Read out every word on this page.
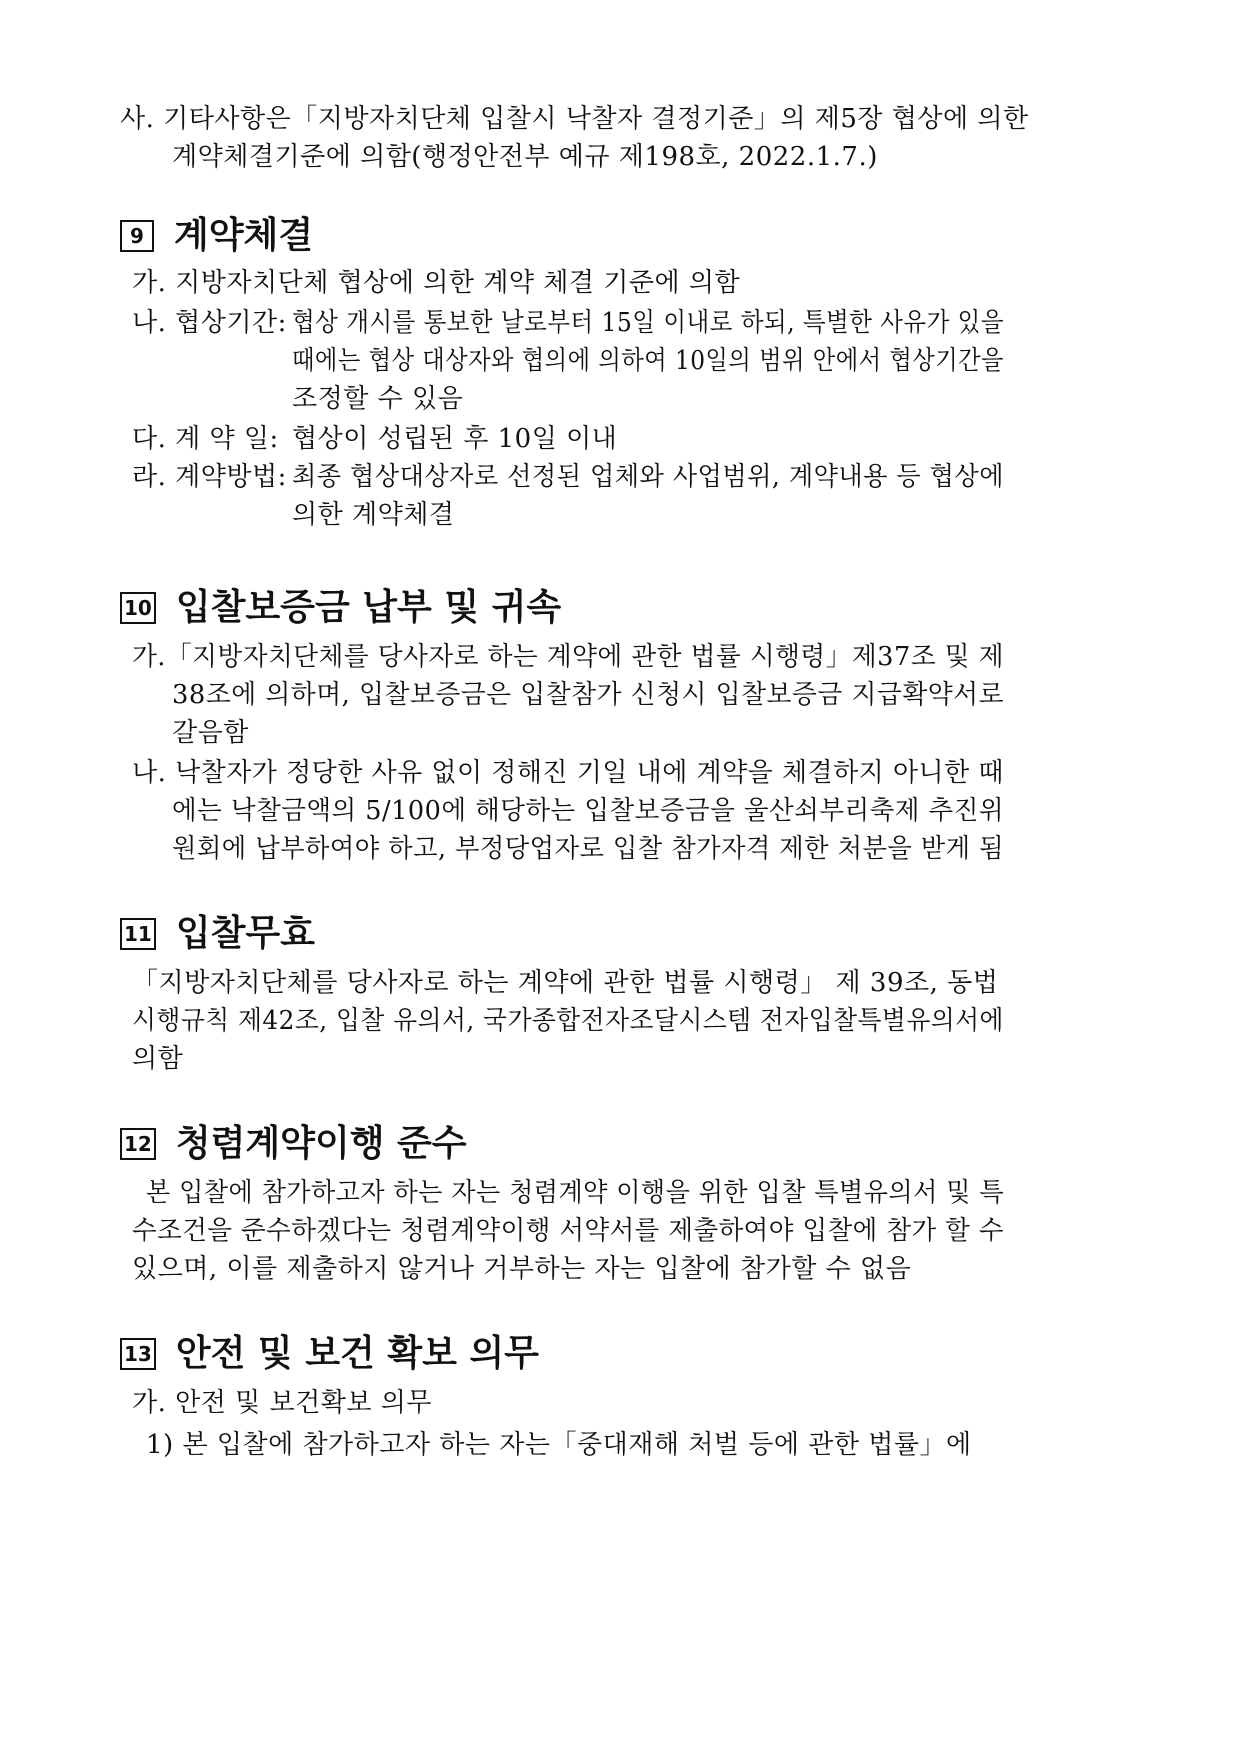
사. 기타사항은「지방자치단체 입찰시 낙찰자 결정기준」의 제5장 협상에 의한
계약체결기준에 의함(행정안전부 예규 제198호, 2022.1.7.)
9 계약체결
가. 지방자치단체 협상에 의한 계약 체결 기준에 의함
나. 협상기간: 협상 개시를 통보한 날로부터 15일 이내로 하되, 특별한 사유가 있을
때에는 협상 대상자와 협의에 의하여 10일의 범위 안에서 협상기간을
조정할 수 있음
다. 계 약 일: 협상이 성립된 후 10일 이내
라. 계약방법: 최종 협상대상자로 선정된 업체와 사업범위, 계약내용 등 협상에
의한 계약체결
10 입찰보증금 납부 및 귀속
가.「지방자치단체를 당사자로 하는 계약에 관한 법률 시행령」제37조 및 제
38조에 의하며, 입찰보증금은 입찰참가 신청시 입찰보증금 지급확약서로
갈음함
나. 낙찰자가 정당한 사유 없이 정해진 기일 내에 계약을 체결하지 아니한 때
에는 낙찰금액의 5/100에 해당하는 입찰보증금을 울산쇠부리축제 추진위
원회에 납부하여야 하고, 부정당업자로 입찰 참가자격 제한 처분을 받게 됨
11 입찰무효
「지방자치단체를 당사자로 하는 계약에 관한 법률 시행령」 제 39조, 동법
시행규칙 제42조, 입찰 유의서, 국가종합전자조달시스템 전자입찰특별유의서에
의함
12 청렴계약이행 준수
본 입찰에 참가하고자 하는 자는 청렴계약 이행을 위한 입찰 특별유의서 및 특
수조건을 준수하겠다는 청렴계약이행 서약서를 제출하여야 입찰에 참가 할 수
있으며, 이를 제출하지 않거나 거부하는 자는 입찰에 참가할 수 없음
13 안전 및 보건 확보 의무
가. 안전 및 보건확보 의무
1) 본 입찰에 참가하고자 하는 자는「중대재해 처벌 등에 관한 법률」에
